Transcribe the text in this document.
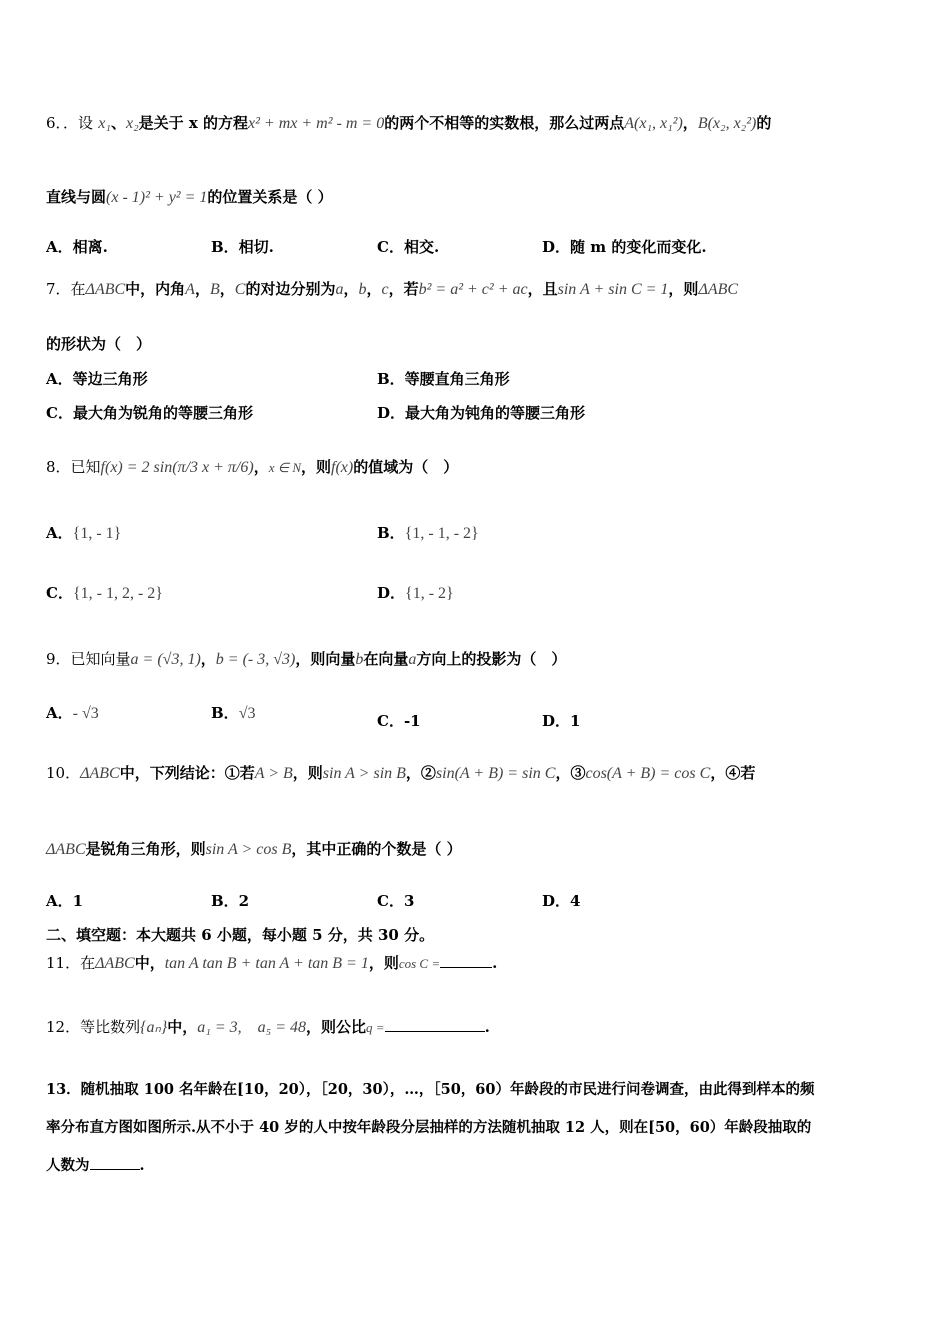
6．．设 x₁、x₂是关于 x 的方程x² + mx + m² - m = 0的两个不相等的实数根，那么过两点A(x₁, x₁²)，B(x₂, x₂²)的
直线与圆(x - 1)² + y² = 1的位置关系是（ ）
A．相离.	B．相切.	C．相交.	D．随 m 的变化而变化.
7．在ΔABC中，内角A，B，C的对边分别为a，b，c，若b² = a² + c² + ac，且sin A + sin C = 1，则ΔABC
的形状为（　）
A．等边三角形	B．等腰直角三角形
C．最大角为锐角的等腰三角形	D．最大角为钝角的等腰三角形
8．已知f(x) = 2 sin(π/3 x + π/6)，x ∈ N，则f(x)的值域为（　）
A．{1, - 1}	B．{1, - 1, - 2}
C．{1, - 1, 2, - 2}	D．{1, - 2}
9．已知向量a = (√3, 1)，b = (- 3, √3)，则向量b在向量a方向上的投影为（　）
A．- √3	B．√3	C．-1	D．1
10．ΔABC中，下列结论：①若A > B，则sin A > sin B，②sin(A + B) = sin C，③cos(A + B) = cos C，④若
ΔABC是锐角三角形，则sin A > cos B，其中正确的个数是（ ）
A．1	B．2	C．3	D．4
二、填空题：本大题共 6 小题，每小题 5 分，共 30 分。
11．在ΔABC中，tan A tan B + tan A + tan B = 1，则cos C =	.
12．等比数列{aₙ}中，a₁ = 3,　a₅ = 48，则公比q =	.
13．随机抽取 100 名年龄在[10，20），［20，30），…，［50，60）年龄段的市民进行问卷调查，由此得到样本的频
率分布直方图如图所示.从不小于 40 岁的人中按年龄段分层抽样的方法随机抽取 12 人，则在[50，60）年龄段抽取的
人数为	.
